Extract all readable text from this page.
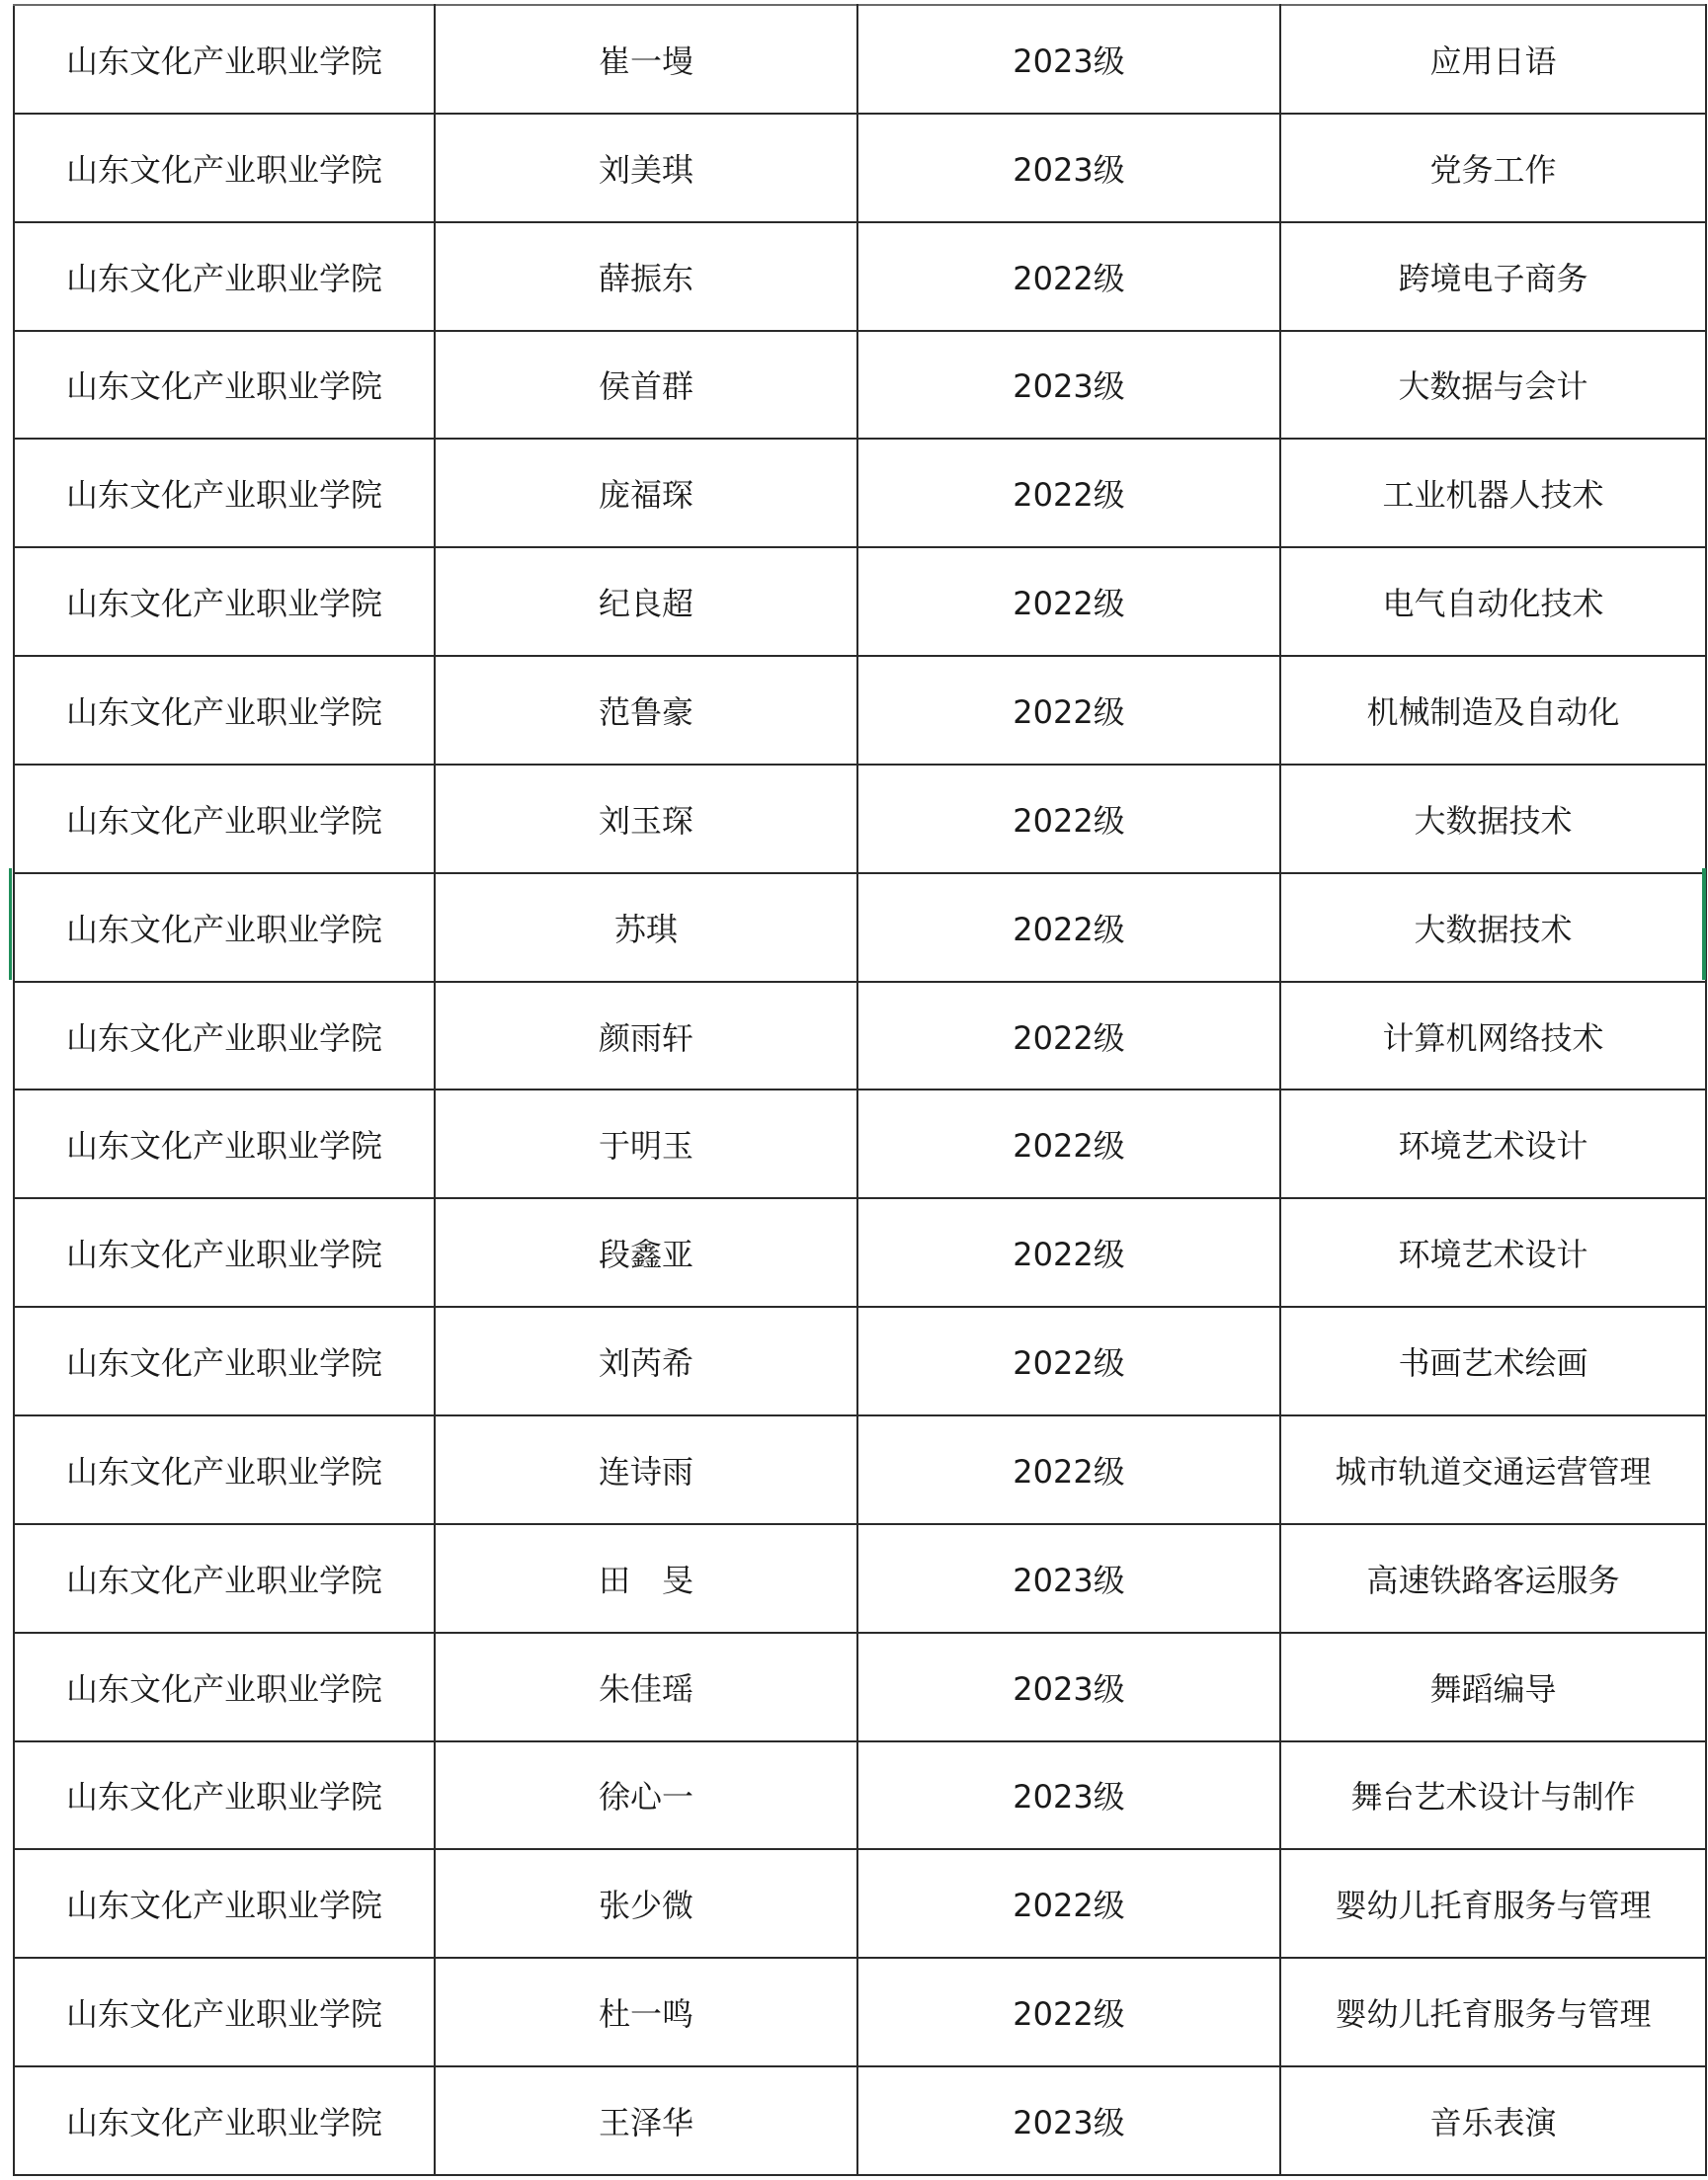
山东文化产业职业学院	崔一墁	2023级	应用日语
山东文化产业职业学院	刘美琪	2023级	党务工作
山东文化产业职业学院	薛振东	2022级	跨境电子商务
山东文化产业职业学院	侯首群	2023级	大数据与会计
山东文化产业职业学院	庞福琛	2022级	工业机器人技术
山东文化产业职业学院	纪良超	2022级	电气自动化技术
山东文化产业职业学院	范鲁豪	2022级	机械制造及自动化
山东文化产业职业学院	刘玉琛	2022级	大数据技术
山东文化产业职业学院	苏琪	2022级	大数据技术
山东文化产业职业学院	颜雨轩	2022级	计算机网络技术
山东文化产业职业学院	于明玉	2022级	环境艺术设计
山东文化产业职业学院	段鑫亚	2022级	环境艺术设计
山东文化产业职业学院	刘芮希	2022级	书画艺术绘画
山东文化产业职业学院	连诗雨	2022级	城市轨道交通运营管理
山东文化产业职业学院	田　旻	2023级	高速铁路客运服务
山东文化产业职业学院	朱佳瑶	2023级	舞蹈编导
山东文化产业职业学院	徐心一	2023级	舞台艺术设计与制作
山东文化产业职业学院	张少微	2022级	婴幼儿托育服务与管理
山东文化产业职业学院	杜一鸣	2022级	婴幼儿托育服务与管理
山东文化产业职业学院	王泽华	2023级	音乐表演
